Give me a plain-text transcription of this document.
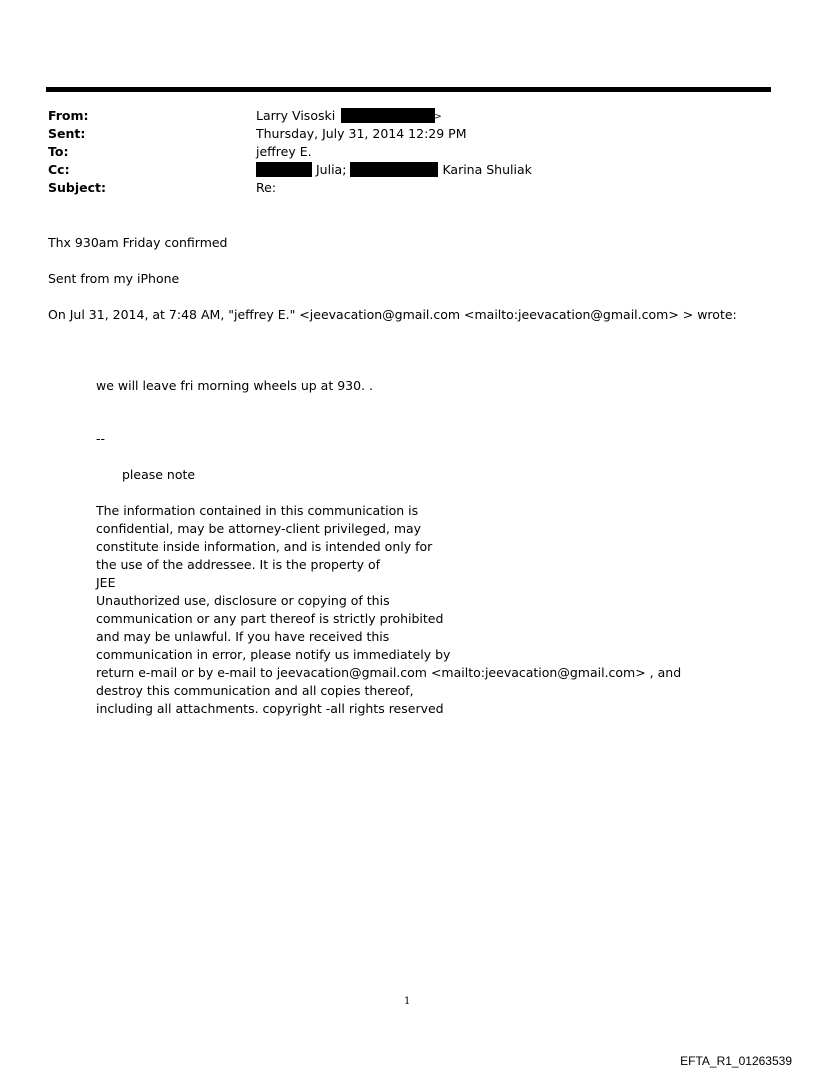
From:	Larry Visoski	>
Sent:	Thursday, July 31, 2014 12:29 PM
To:	jeffrey E.
Cc:	Julia;	Karina Shuliak
Subject:	Re:
Thx 930am Friday confirmed
Sent from my iPhone
On Jul 31, 2014, at 7:48 AM, "jeffrey E." <jeevacation@gmail.com <mailto:jeevacation@gmail.com> > wrote:
we will leave fri morning wheels up at 930. .
--
please note
The information contained in this communication is
confidential, may be attorney-client privileged, may
constitute inside information, and is intended only for
the use of the addressee. It is the property of
JEE
Unauthorized use, disclosure or copying of this
communication or any part thereof is strictly prohibited
and may be unlawful. If you have received this
communication in error, please notify us immediately by
return e-mail or by e-mail to jeevacation@gmail.com <mailto:jeevacation@gmail.com> , and
destroy this communication and all copies thereof,
including all attachments. copyright -all rights reserved
1
EFTA_R1_01263539
